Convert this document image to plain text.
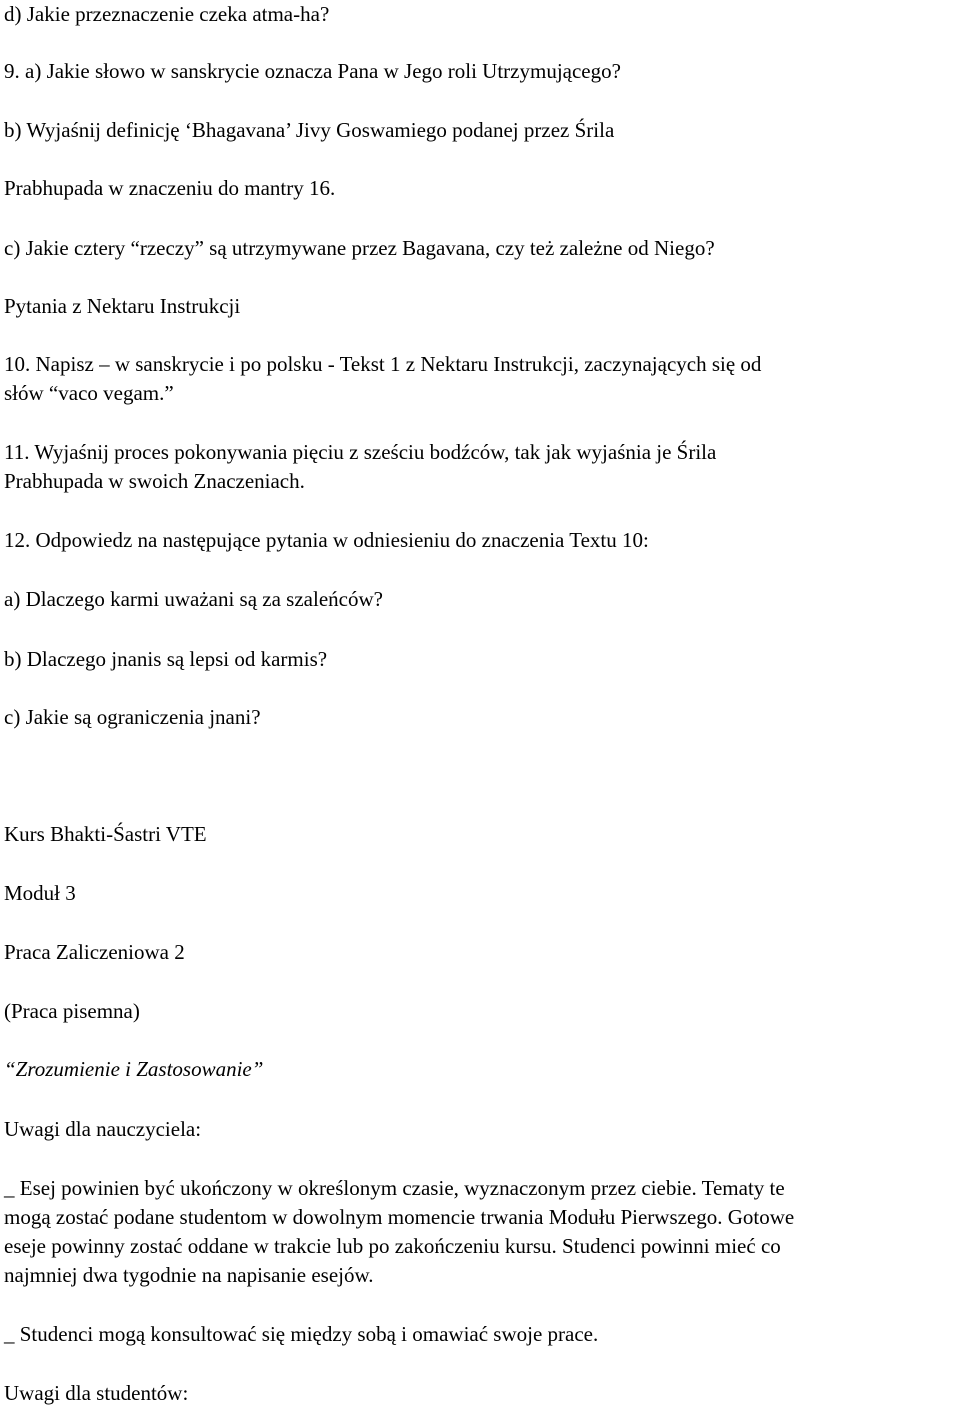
d) Jakie przeznaczenie czeka atma-ha?
9. a) Jakie słowo w sanskrycie oznacza Pana w Jego roli Utrzymującego?
b) Wyjaśnij definicję ‘Bhagavana’ Jivy Goswamiego podanej przez Śrila
Prabhupada w znaczeniu do mantry 16.
c) Jakie cztery “rzeczy” są utrzymywane przez Bagavana, czy też zależne od Niego?
Pytania z Nektaru Instrukcji
10. Napisz – w sanskrycie i po polsku - Tekst 1 z Nektaru Instrukcji, zaczynających się od
słów “vaco vegam.”
11. Wyjaśnij proces pokonywania pięciu z sześciu bodźców, tak jak wyjaśnia je Śrila
Prabhupada w swoich Znaczeniach.
12. Odpowiedz na następujące pytania w odniesieniu do znaczenia Textu 10:
a) Dlaczego karmi uważani są za szaleńców?
b) Dlaczego jnanis są lepsi od karmis?
c) Jakie są ograniczenia jnani?
Kurs Bhakti-Śastri VTE
Moduł 3
Praca Zaliczeniowa 2
(Praca pisemna)
“Zrozumienie i Zastosowanie”
Uwagi dla nauczyciela:
_ Esej powinien być ukończony w określonym czasie, wyznaczonym przez ciebie. Tematy te
mogą zostać podane studentom w dowolnym momencie trwania Modułu Pierwszego. Gotowe
eseje powinny zostać oddane w trakcie lub po zakończeniu kursu. Studenci powinni mieć co
najmniej dwa tygodnie na napisanie esejów.
_ Studenci mogą konsultować się między sobą i omawiać swoje prace.
Uwagi dla studentów:
